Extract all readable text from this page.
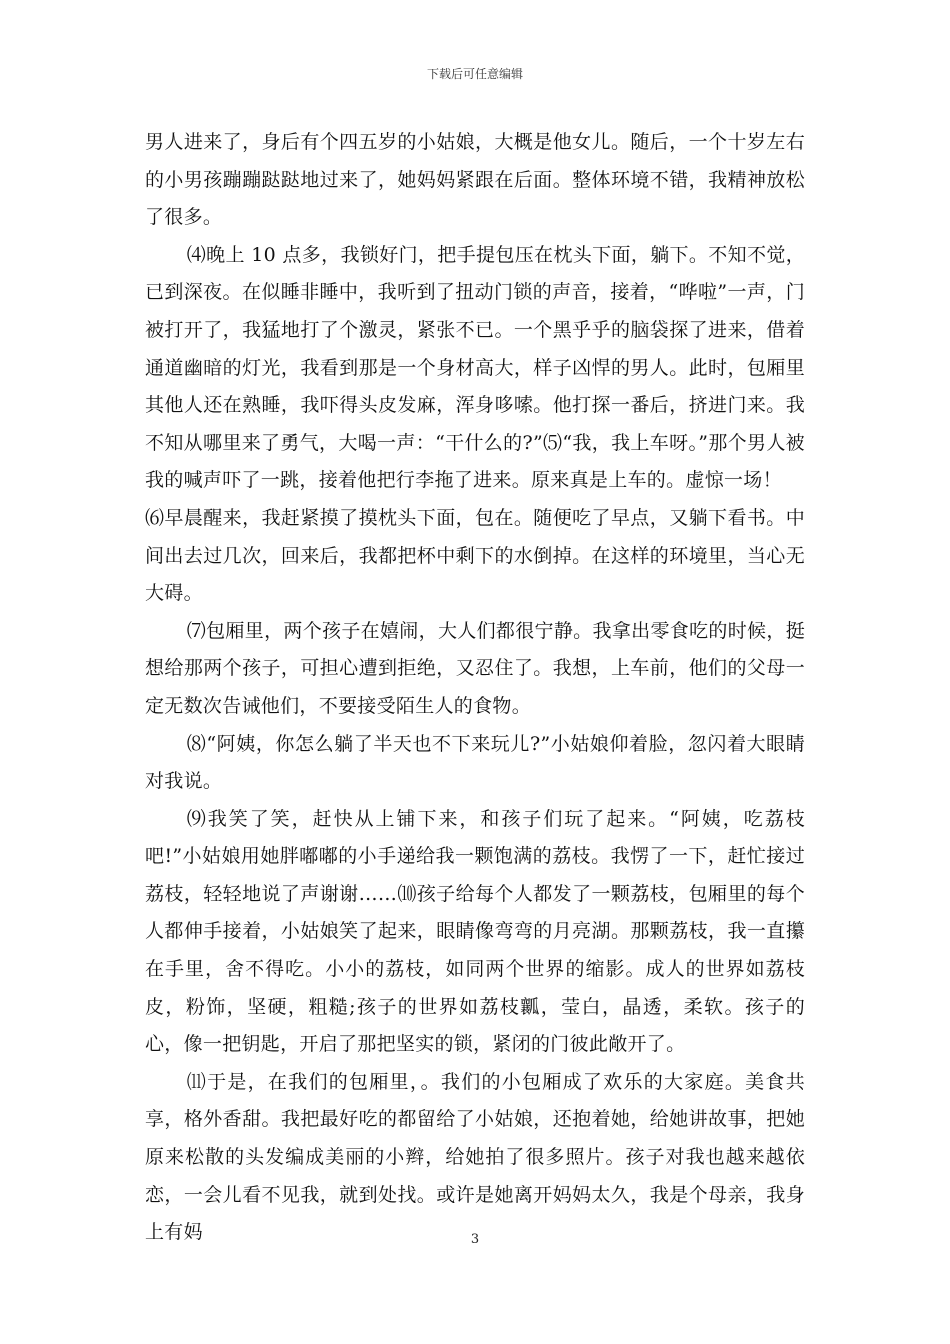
下载后可任意编辑

男人进来了，身后有个四五岁的小姑娘，大概是他女儿。随后，一个十岁左右的小男孩蹦蹦跶跶地过来了，她妈妈紧跟在后面。整体环境不错，我精神放松了很多。

⑷晚上 10 点多，我锁好门，把手提包压在枕头下面，躺下。不知不觉，已到深夜。在似睡非睡中，我听到了扭动门锁的声音，接着，“哗啦”一声，门被打开了，我猛地打了个激灵，紧张不已。一个黑乎乎的脑袋探了进来，借着通道幽暗的灯光，我看到那是一个身材高大，样子凶悍的男人。此时，包厢里其他人还在熟睡，我吓得头皮发麻，浑身哆嗦。他打探一番后，挤进门来。我不知从哪里来了勇气，大喝一声：“干什么的?”⑸“我，我上车呀。”那个男人被我的喊声吓了一跳，接着他把行李拖了进来。原来真是上车的。虚惊一场！

⑹早晨醒来，我赶紧摸了摸枕头下面，包在。随便吃了早点，又躺下看书。中间出去过几次，回来后，我都把杯中剩下的水倒掉。在这样的环境里，当心无大碍。

⑺包厢里，两个孩子在嬉闹，大人们都很宁静。我拿出零食吃的时候，挺想给那两个孩子，可担心遭到拒绝，又忍住了。我想，上车前，他们的父母一定无数次告诫他们，不要接受陌生人的食物。

⑻“阿姨，你怎么躺了半天也不下来玩儿?”小姑娘仰着脸，忽闪着大眼睛对我说。

⑼我笑了笑，赶快从上铺下来，和孩子们玩了起来。“阿姨，吃荔枝吧!”小姑娘用她胖嘟嘟的小手递给我一颗饱满的荔枝。我愣了一下，赶忙接过荔枝，轻轻地说了声谢谢……⑽孩子给每个人都发了一颗荔枝，包厢里的每个人都伸手接着，小姑娘笑了起来，眼睛像弯弯的月亮湖。那颗荔枝，我一直攥在手里，舍不得吃。小小的荔枝，如同两个世界的缩影。成人的世界如荔枝皮，粉饰，坚硬，粗糙;孩子的世界如荔枝瓤，莹白，晶透，柔软。孩子的心，像一把钥匙，开启了那把坚实的锁，紧闭的门彼此敞开了。

⑾于是，在我们的包厢里，。我们的小包厢成了欢乐的大家庭。美食共享，格外香甜。我把最好吃的都留给了小姑娘，还抱着她，给她讲故事，把她原来松散的头发编成美丽的小辫，给她拍了很多照片。孩子对我也越来越依恋，一会儿看不见我，就到处找。或许是她离开妈妈太久，我是个母亲，我身上有妈	3
